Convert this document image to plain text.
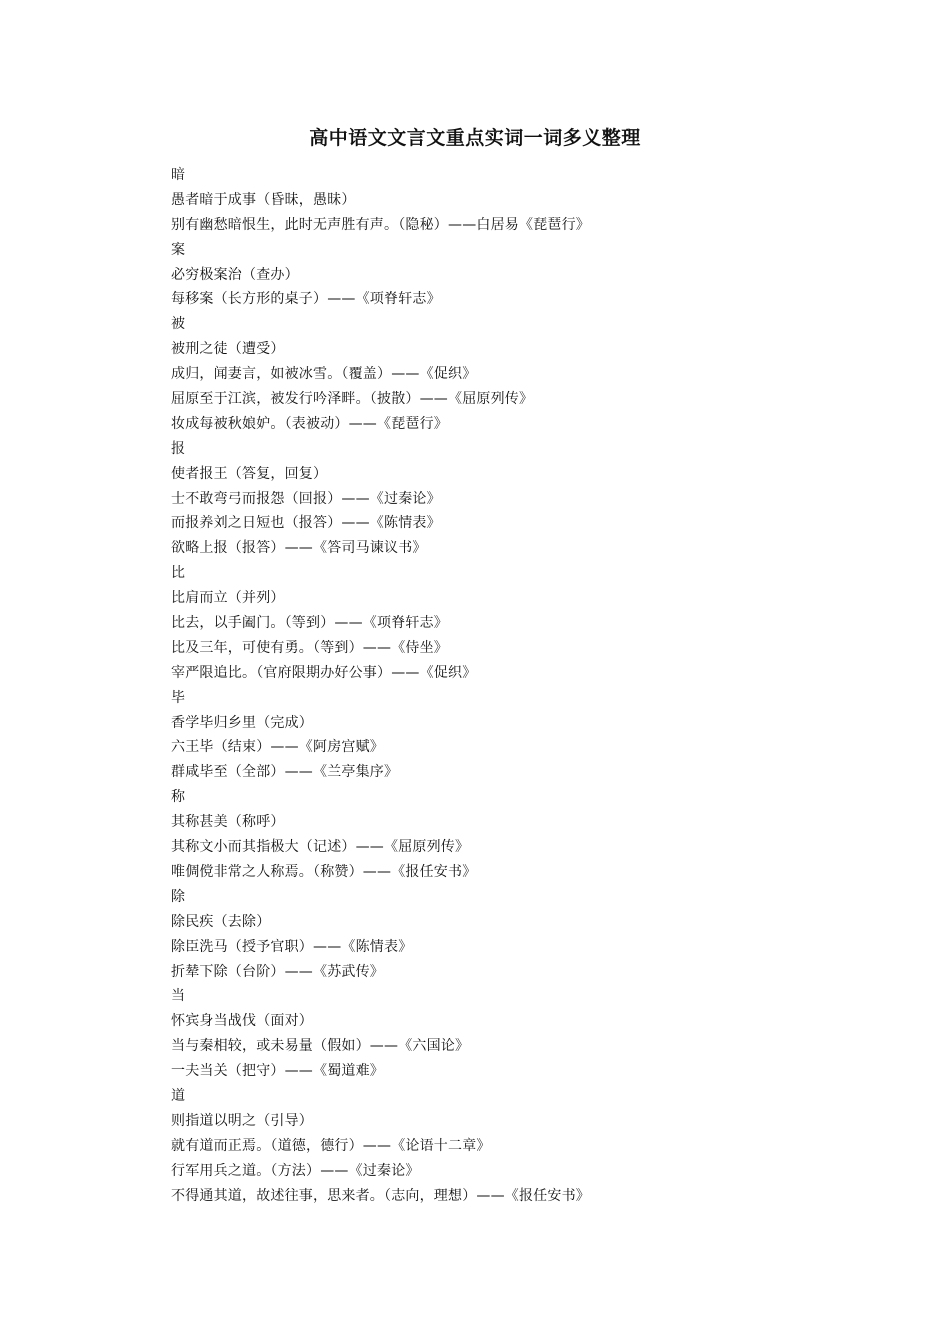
高中语文文言文重点实词一词多义整理
暗
愚者暗于成事（昏昧，愚昧）
别有幽愁暗恨生，此时无声胜有声。（隐秘）——白居易《琵琶行》
案
必穷极案治（查办）
每移案（长方形的桌子）——《项脊轩志》
被
被刑之徒（遭受）
成归，闻妻言，如被冰雪。（覆盖）——《促织》
屈原至于江滨，被发行吟泽畔。（披散）——《屈原列传》
妆成每被秋娘妒。（表被动）——《琵琶行》
报
使者报王（答复，回复）
士不敢弯弓而报怨（回报）——《过秦论》
而报养刘之日短也（报答）——《陈情表》
欲略上报（报答）——《答司马谏议书》
比
比肩而立（并列）
比去，以手阖门。（等到）——《项脊轩志》
比及三年，可使有勇。（等到）——《侍坐》
宰严限追比。（官府限期办好公事）——《促织》
毕
香学毕归乡里（完成）
六王毕（结束）——《阿房宫赋》
群咸毕至（全部）——《兰亭集序》
称
其称甚美（称呼）
其称文小而其指极大（记述）——《屈原列传》
唯倜傥非常之人称焉。（称赞）——《报任安书》
除
除民疾（去除）
除臣洗马（授予官职）——《陈情表》
折辇下除（台阶）——《苏武传》
当
怀宾身当战伐（面对）
当与秦相较，或未易量（假如）——《六国论》
一夫当关（把守）——《蜀道难》
道
则指道以明之（引导）
就有道而正焉。（道德，德行）——《论语十二章》
行军用兵之道。（方法）——《过秦论》
不得通其道，故述往事，思来者。（志向，理想）——《报任安书》
